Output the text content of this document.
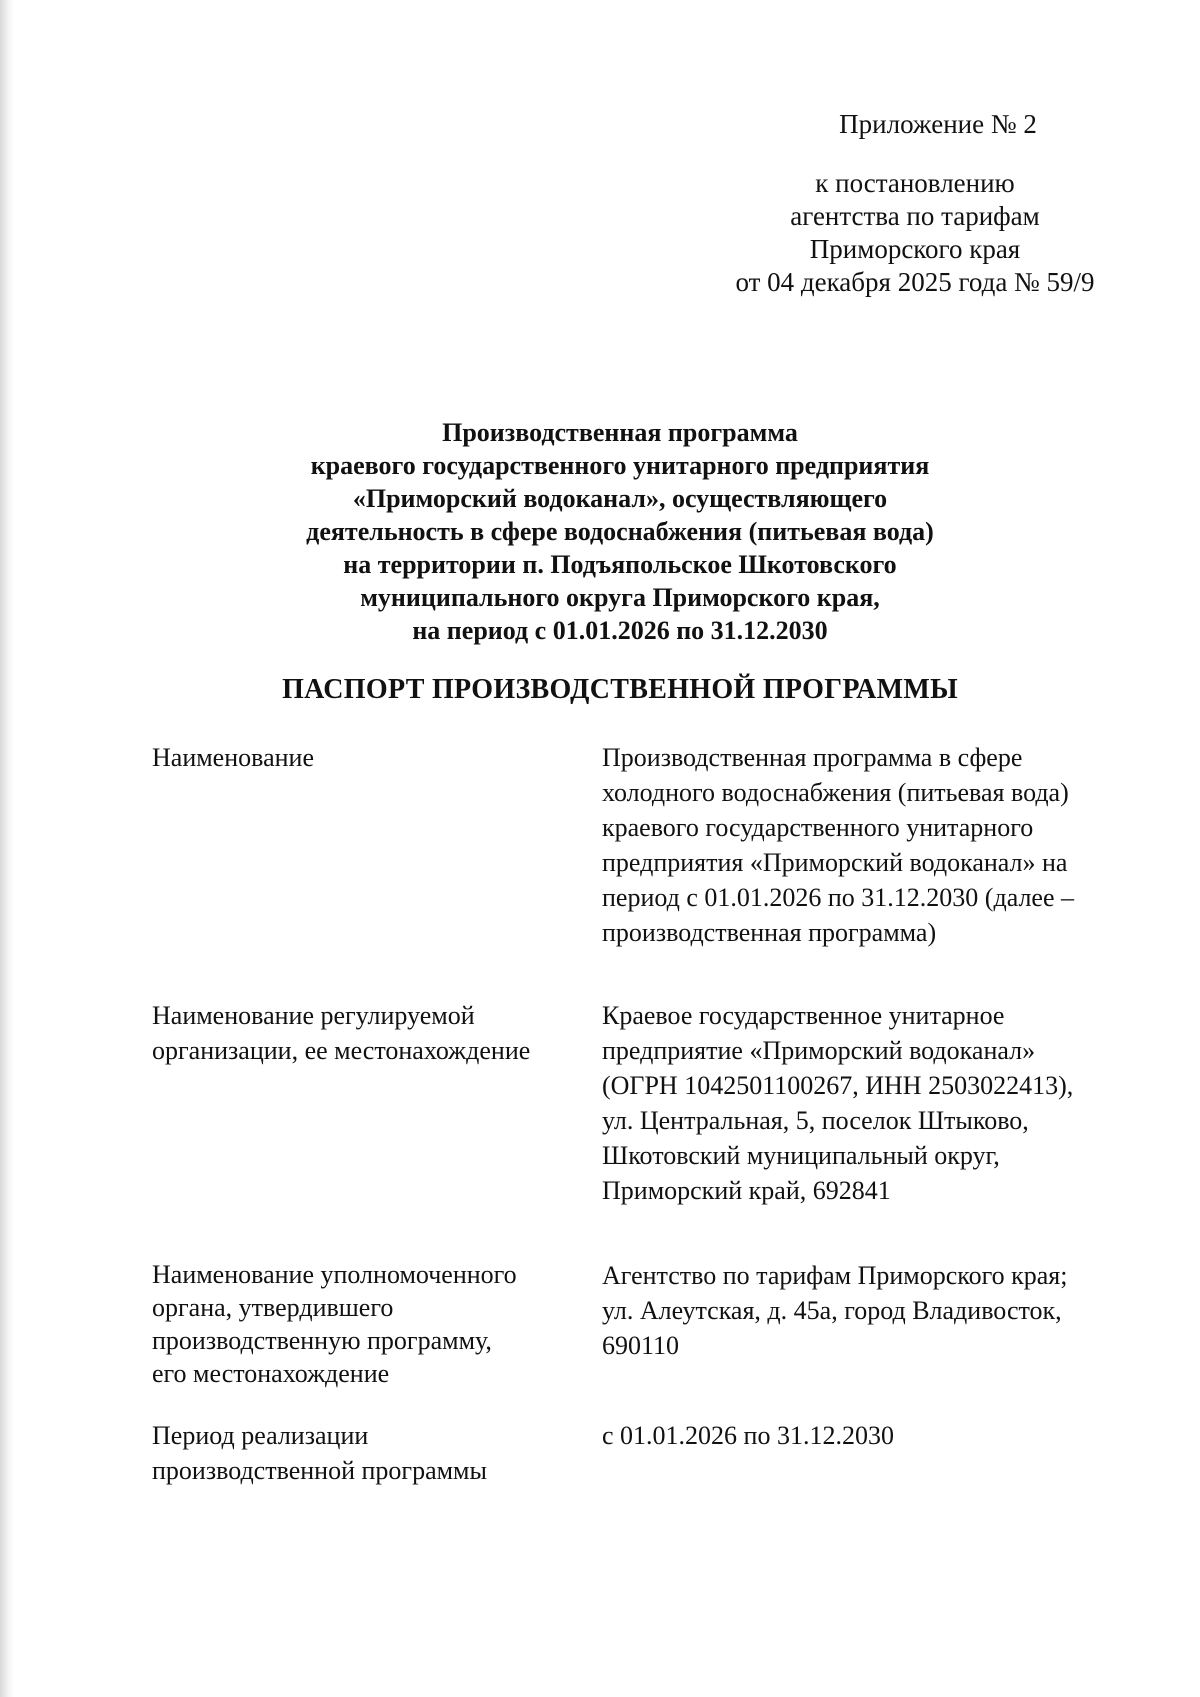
Приложение № 2
к постановлению
агентства по тарифам
Приморского края
от 04 декабря 2025 года № 59/9
Производственная программа
краевого государственного унитарного предприятия
«Приморский водоканал», осуществляющего
деятельность в сфере водоснабжения (питьевая вода)
на территории п. Подъяпольское Шкотовского
муниципального округа Приморского края,
на период с 01.01.2026 по 31.12.2030
ПАСПОРТ ПРОИЗВОДСТВЕННОЙ ПРОГРАММЫ
Наименование	Производственная программа в сфере
холодного водоснабжения (питьевая вода)
краевого государственного унитарного
предприятия «Приморский водоканал» на
период с 01.01.2026 по 31.12.2030 (далее –
производственная программа)
Наименование регулируемой
организации, ее местонахождение
Краевое государственное унитарное
предприятие «Приморский водоканал»
(ОГРН 1042501100267, ИНН 2503022413),
ул. Центральная, 5, поселок Штыково,
Шкотовский муниципальный округ,
Приморский край, 692841
Наименование уполномоченного
органа, утвердившего
производственную программу,
его местонахождение
Агентство по тарифам Приморского края;
ул. Алеутская, д. 45а, город Владивосток,
690110
Период реализации
производственной программы
с 01.01.2026 по 31.12.2030
